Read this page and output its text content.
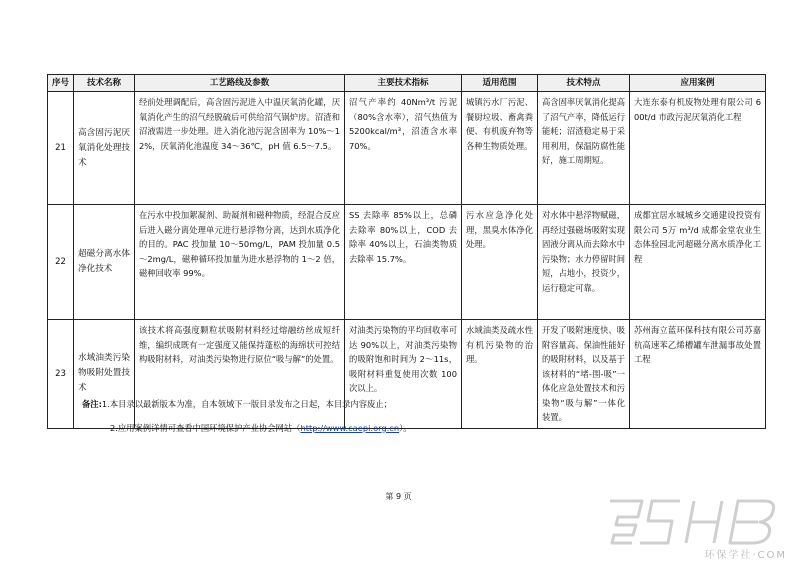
序号	技术名称	工艺路线及参数	主要技术指标	适用范围	技术特点	应用案例
21	高含固污泥厌氧消化处理技术	经前处理调配后，高含固污泥进入中温厌氧消化罐，厌氧消化产生的沼气经脱硫后可供给沼气锅炉房。沼渣和沼液需进一步处理。进入消化池污泥含固率为 10%～12%，厌氧消化池温度 34～36℃，pH 值 6.5～7.5。	沼气产率约 40Nm³/t 污泥（80%含水率），沼气热值为 5200kcal/m³，沼渣含水率 70%。	城镇污水厂污泥、餐厨垃圾、畜禽粪便、有机废弃物等各种生物质处理。	高含固率厌氧消化提高了沼气产率，降低运行能耗；沼渣稳定易于采用利用，保温防腐性能好，施工周期短。	大连东泰有机废物处理有限公司 600t/d 市政污泥厌氧消化工程
22	超磁分离水体净化技术	在污水中投加絮凝剂、助凝剂和磁种物质，经混合反应后进入磁分离处理单元进行悬浮物分离，达到水质净化的目的。PAC 投加量 10～50mg/L，PAM 投加量 0.5～2mg/L，磁种循环投加量为进水悬浮物的 1～2 倍，磁种回收率 99%。	SS 去除率 85%以上，总磷去除率 80%以上，COD 去除率 40%以上，石油类物质去除率 15.7%。	污水应急净化处理，黑臭水体净化处理。	对水体中悬浮物赋磁，再经过强磁场吸附实现固液分离从而去除水中污染物；水力停留时间短，占地小，投资少，运行稳定可靠。	成都宜居水城城乡交通建设投资有限公司 5万 m³/d 成都金堂农业生态体验园北河超磁分离水质净化工程
23	水域油类污染物吸附处置技术	该技术将高强度颗粒状吸附材料经过熔融纺丝成短纤维，编织成既有一定强度又能保持蓬松的海绵状可控结构吸附材料，对油类污染物进行原位“吸与解”的处置。	对油类污染物的平均回收率可达 90%以上，对油类污染物的吸附饱和时间为 2～11s，吸附材料重复使用次数 100 次以上。	水域油类及疏水性有机污染物的治理。	开发了吸附速度快、吸附容量高、保油性能好的吸附材料，以及基于该材料的“堵-围-吸”一体化应急处置技术和污染物“吸与解”一体化装置。	苏州海立蓝环保科技有限公司苏嘉杭高速苯乙烯槽罐车泄漏事故处置工程
备注:1.本目录以最新版本为准，自本领域下一版目录发布之日起，本目录内容废止；
2.应用案例详情可查看中国环境保护产业协会网站（http://www.caepi.org.cn）。
第 9 页
环保学社·COM
